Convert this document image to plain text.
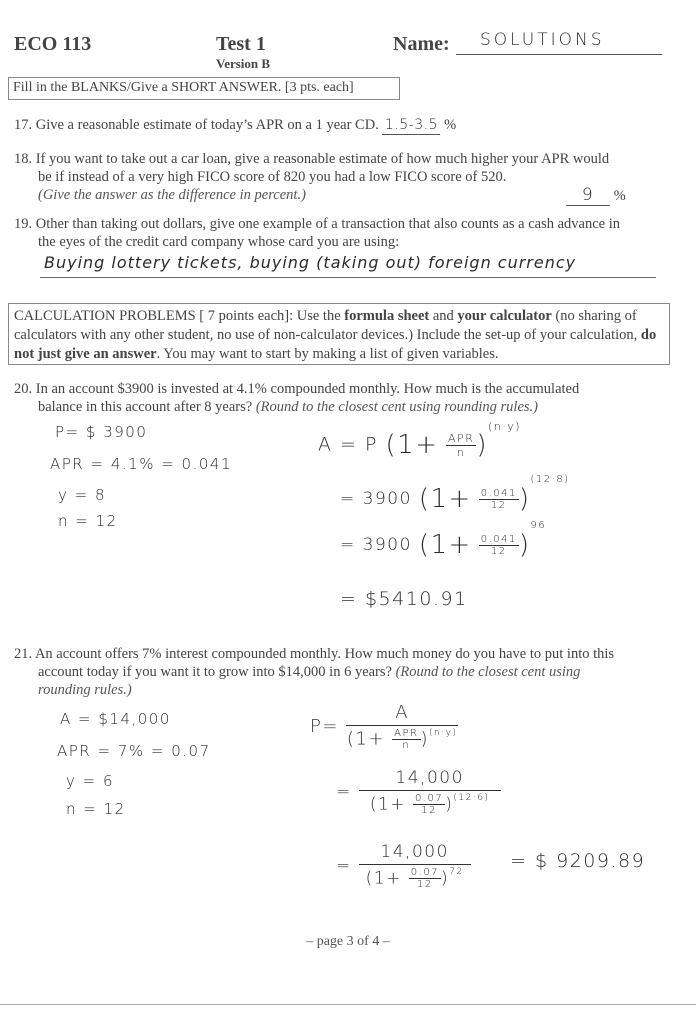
ECO 113	Test 1
Version B
Name: SOLUTIONS
Fill in the BLANKS/Give a SHORT ANSWER. [3 pts. each]
17. Give a reasonable estimate of today’s APR on a 1 year CD. 1.5-3.5 %
18. If you want to take out a car loan, give a reasonable estimate of how much higher your APR would
be if instead of a very high FICO score of 820 you had a low FICO score of 520.
(Give the answer as the difference in percent.)	9 %
19. Other than taking out dollars, give one example of a transaction that also counts as a cash advance in
the eyes of the credit card company whose card you are using:
Buying lottery tickets, buying (taking out) foreign currency
CALCULATION PROBLEMS [ 7 points each]: Use the formula sheet and your calculator (no sharing of calculators with any other student, no use of non-calculator devices.) Include the set-up of your calculation, do not just give an answer. You may want to start by making a list of given variables.
20. In an account $3900 is invested at 4.1% compounded monthly. How much is the accumulated
balance in this account after 8 years? (Round to the closest cent using rounding rules.)
P= $ 3900
APR = 4.1% = 0.041
y = 8
n = 12
A = P $(1+ \frac{\text{APR}}{n} )^{(n\cdot y)}$
= 3900 $(1+ \frac{0.041}{12} )^{(12\cdot 8)}$
= 3900 $(1+ \frac{0.041}{12} )^{96}$
= $5410.91
21. An account offers 7% interest compounded monthly. How much money do you have to put into this
account today if you want it to grow into $14,000 in 6 years? (Round to the closest cent using
rounding rules.)
A = $14,000
APR = 7% = 0.07
y = 6
n = 12
P=
A
$(1+ \frac{\text{APR}}{n} )^{(n\cdot y)}$
= $\frac{14,000}{(1+ \frac{0.07}{12} )^{(12\cdot 6)}}$
= $\frac{14,000}{(1+ \frac{0.07}{12} )^{72}}$ = $ 9209.89
– page 3 of 4 –
